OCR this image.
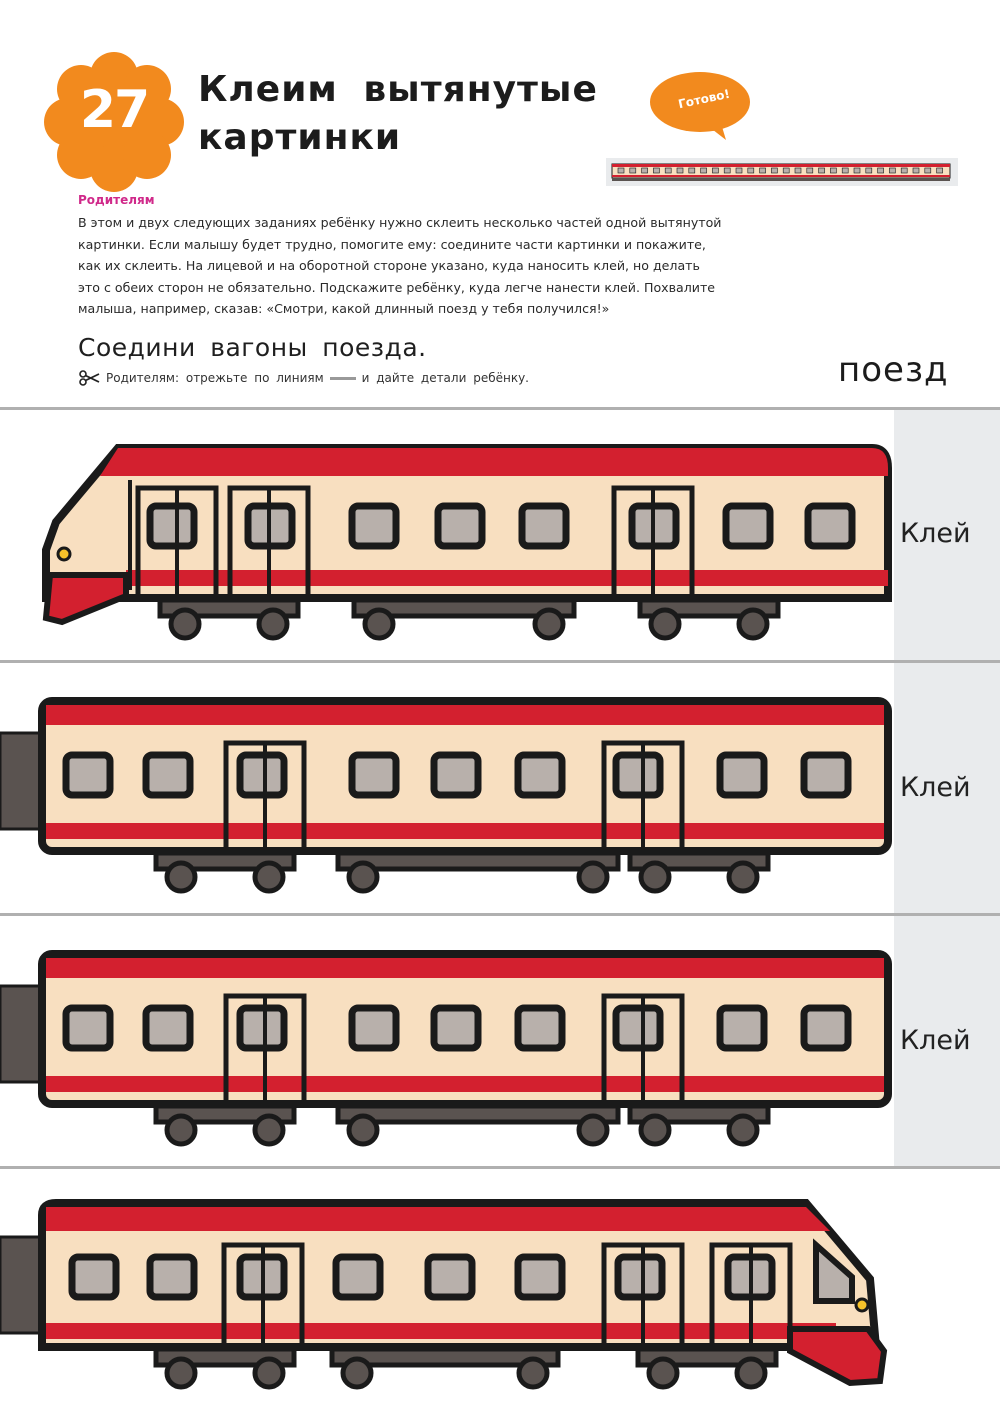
27	Клеим вытянутые
картинки
Готово!
Родителям
В этом и двух следующих заданиях ребёнку нужно склеить несколько частей одной вытянутой
картинки. Если малышу будет трудно, помогите ему: соедините части картинки и покажите,
как их склеить. На лицевой и на оборотной стороне указано, куда наносить клей, но делать
это с обеих сторон не обязательно. Подскажите ребёнку, куда легче нанести клей. Похвалите
малыша, например, сказав: «Смотри, какой длинный поезд у тебя получился!»
Соедини вагоны поезда.
Родителям: отрежьте по линиям	и дайте детали ребёнку.	поезд
Клей
Клей
Клей
